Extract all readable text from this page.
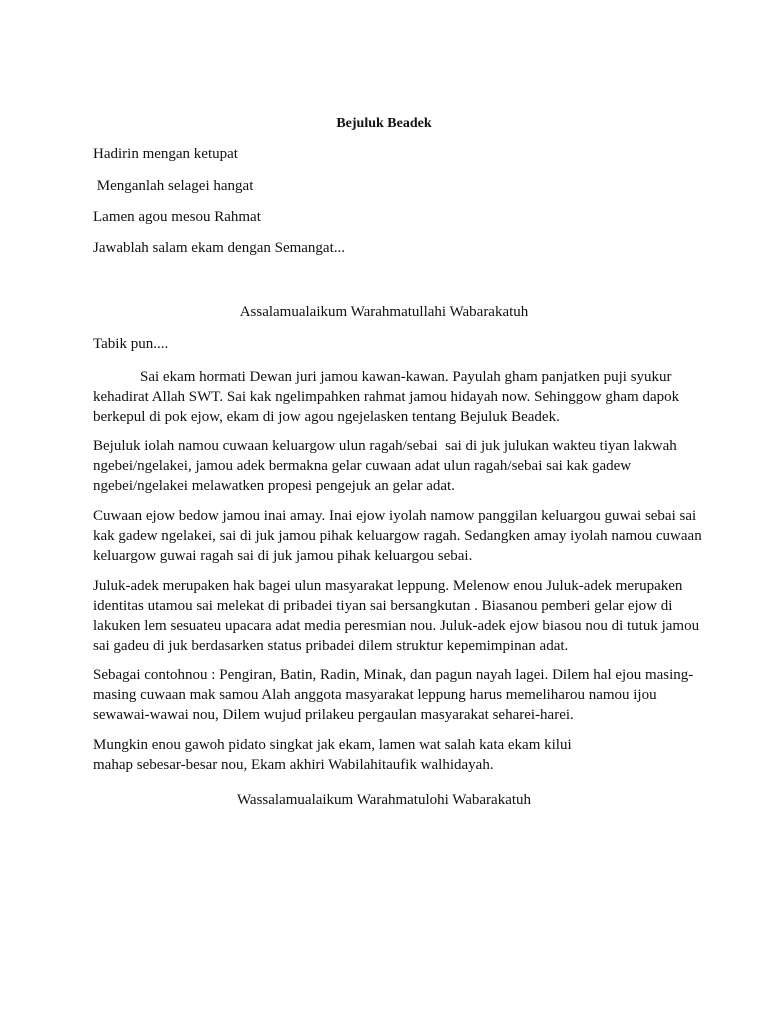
Bejuluk Beadek
Hadirin mengan ketupat
Menganlah selagei hangat
Lamen agou mesou Rahmat
Jawablah salam ekam dengan Semangat...
Assalamualaikum Warahmatullahi Wabarakatuh
Tabik pun....
Sai ekam hormati Dewan juri jamou kawan-kawan. Payulah gham panjatken puji syukur
kehadirat Allah SWT. Sai kak ngelimpahken rahmat jamou hidayah now. Sehinggow gham dapok
berkepul di pok ejow, ekam di jow agou ngejelasken tentang Bejuluk Beadek.
Bejuluk iolah namou cuwaan keluargow ulun ragah/sebai  sai di juk julukan wakteu tiyan lakwah
ngebei/ngelakei, jamou adek bermakna gelar cuwaan adat ulun ragah/sebai sai kak gadew
ngebei/ngelakei melawatken propesi pengejuk an gelar adat.
Cuwaan ejow bedow jamou inai amay. Inai ejow iyolah namow panggilan keluargou guwai sebai sai
kak gadew ngelakei, sai di juk jamou pihak keluargow ragah. Sedangken amay iyolah namou cuwaan
keluargow guwai ragah sai di juk jamou pihak keluargou sebai.
Juluk-adek merupaken hak bagei ulun masyarakat leppung. Melenow enou Juluk-adek merupaken
identitas utamou sai melekat di pribadei tiyan sai bersangkutan . Biasanou pemberi gelar ejow di
lakuken lem sesuateu upacara adat media peresmian nou. Juluk-adek ejow biasou nou di tutuk jamou
sai gadeu di juk berdasarken status pribadei dilem struktur kepemimpinan adat.
Sebagai contohnou : Pengiran, Batin, Radin, Minak, dan pagun nayah lagei. Dilem hal ejou masing-
masing cuwaan mak samou Alah anggota masyarakat leppung harus memeliharou namou ijou
sewawai-wawai nou, Dilem wujud prilakeu pergaulan masyarakat seharei-harei.
Mungkin enou gawoh pidato singkat jak ekam, lamen wat salah kata ekam kilui
mahap sebesar-besar nou, Ekam akhiri Wabilahitaufik walhidayah.
Wassalamualaikum Warahmatulohi Wabarakatuh
